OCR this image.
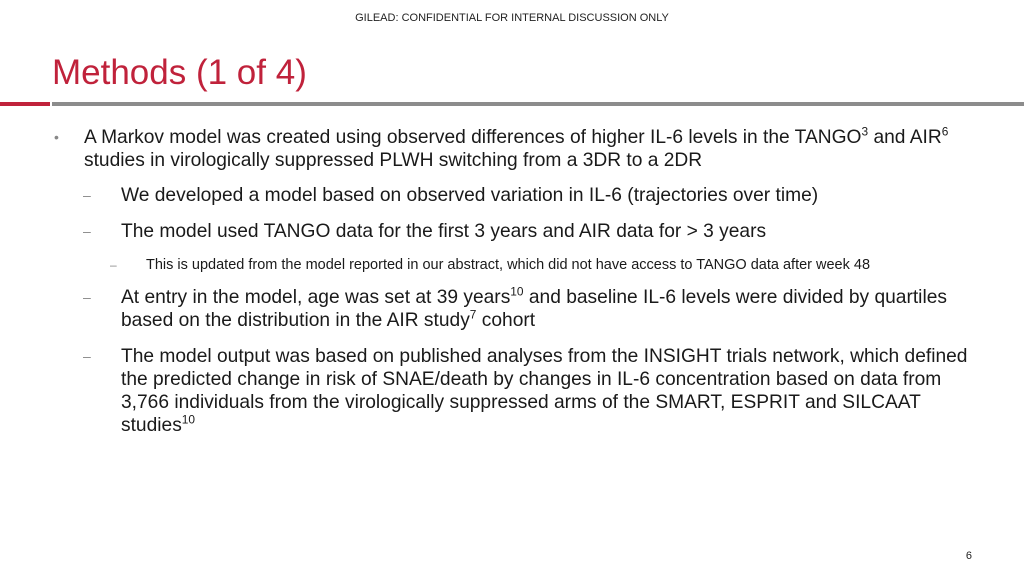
GILEAD: CONFIDENTIAL FOR INTERNAL DISCUSSION ONLY
Methods (1 of 4)
• A Markov model was created using observed differences of higher IL-6 levels in the TANGO$^3$ and AIR$^6$ studies in virologically suppressed PLWH switching from a 3DR to a 2DR
– We developed a model based on observed variation in IL-6 (trajectories over time)
– The model used TANGO data for the first 3 years and AIR data for > 3 years
– This is updated from the model reported in our abstract, which did not have access to TANGO data after week 48
– At entry in the model, age was set at 39 years$^{10}$ and baseline IL-6 levels were divided by quartiles based on the distribution in the AIR study$^7$ cohort
– The model output was based on published analyses from the INSIGHT trials network, which defined the predicted change in risk of SNAE/death by changes in IL-6 concentration based on data from 3,766 individuals from the virologically suppressed arms of the SMART, ESPRIT and SILCAAT studies$^{10}$
6
